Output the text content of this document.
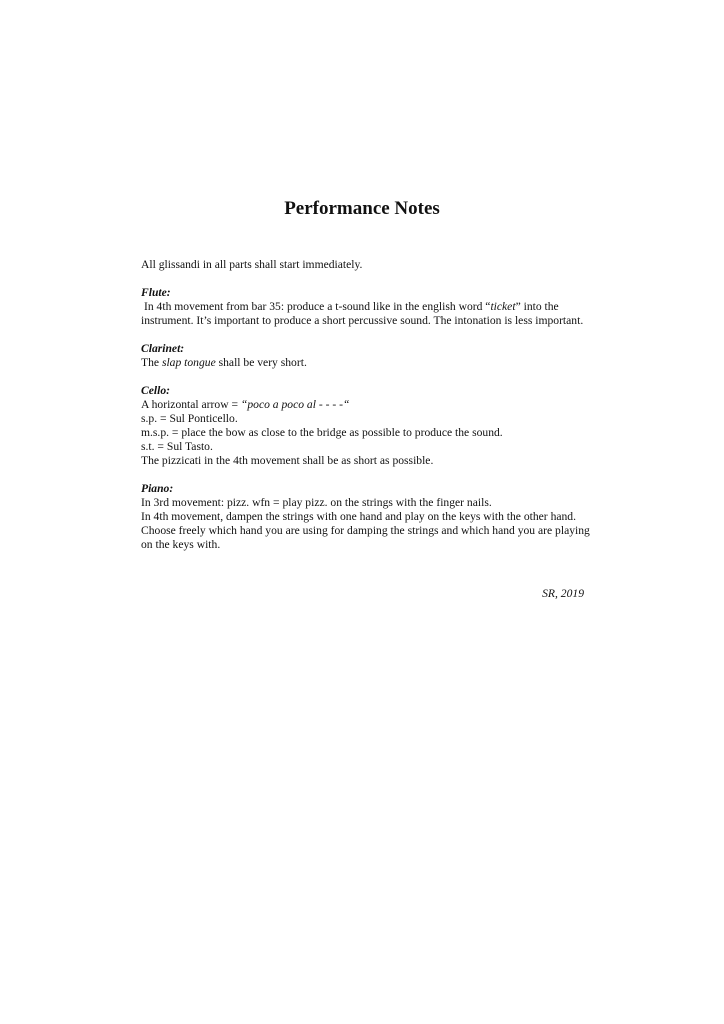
Performance Notes

All glissandi in all parts shall start immediately.

Flute:

In 4th movement from bar 35: produce a t-sound like in the english word “ticket” into the instrument. It’s important to produce a short percussive sound. The intonation is less important.

Clarinet:

The slap tongue shall be very short.

Cello:

A horizontal arrow = “poco a poco al - - - -“

s.p. = Sul Ponticello.

m.s.p. = place the bow as close to the bridge as possible to produce the sound.

s.t. = Sul Tasto.

The pizzicati in the 4th movement shall be as short as possible.

Piano:

In 3rd movement: pizz. wfn = play pizz. on the strings with the finger nails.

In 4th movement, dampen the strings with one hand and play on the keys with the other hand. Choose freely which hand you are using for damping the strings and which hand you are playing on the keys with.

SR, 2019
